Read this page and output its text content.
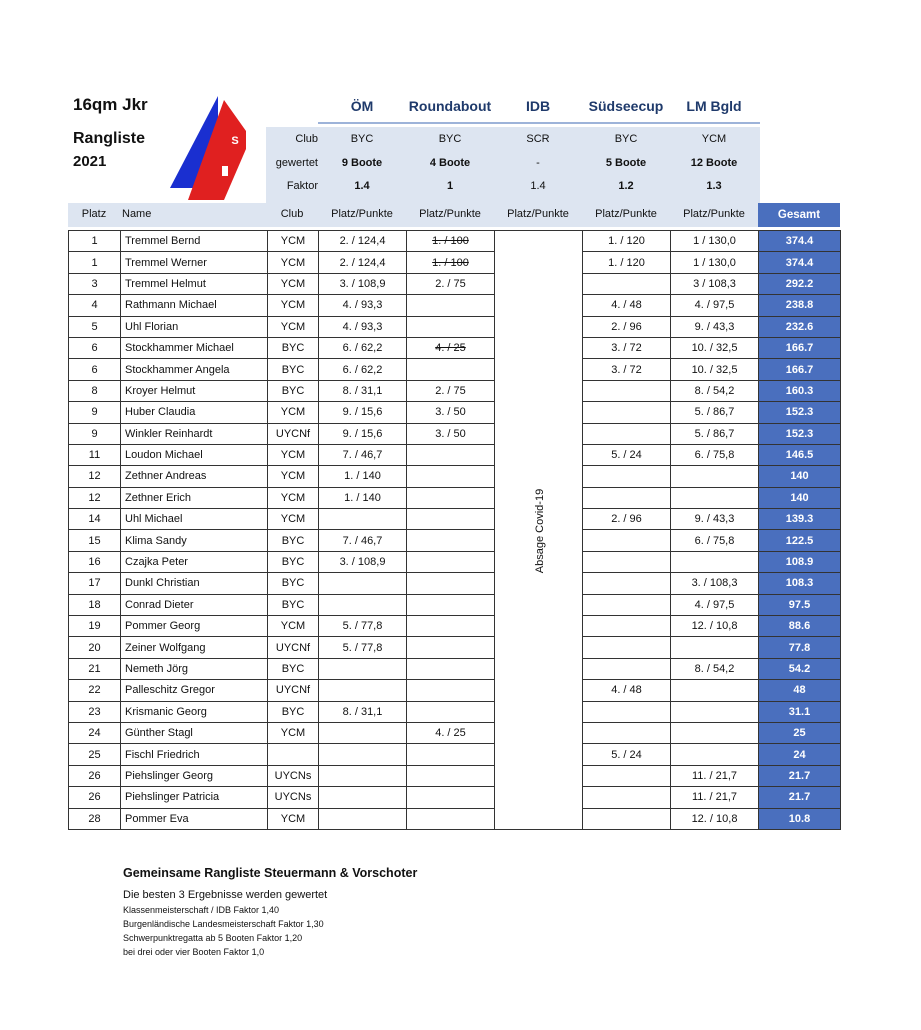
16qm Jkr
Rangliste
2021
S
ÖM	Roundabout	IDB	Südseecup	LM Bgld
Club	BYC	BYC	SCR	BYC	YCM
gewertet	9 Boote	4 Boote	-	5 Boote	12 Boote
Faktor	1.4	1	1.4	1.2	1.3
Platz	Name	Club	Platz/Punkte	Platz/Punkte	Platz/Punkte	Platz/Punkte	Platz/Punkte	Gesamt
1	Tremmel Bernd	YCM	2. / 124,4	1. / 100		1. / 120	1 / 130,0	374.4
1	Tremmel Werner	YCM	2. / 124,4	1. / 100		1. / 120	1 / 130,0	374.4
3	Tremmel Helmut	YCM	3. / 108,9	2. / 75			3 / 108,3	292.2
4	Rathmann Michael	YCM	4. / 93,3			4. / 48	4. / 97,5	238.8
5	Uhl Florian	YCM	4. / 93,3			2. / 96	9. / 43,3	232.6
6	Stockhammer Michael	BYC	6. / 62,2	4. / 25		3. / 72	10. / 32,5	166.7
6	Stockhammer Angela	BYC	6. / 62,2			3. / 72	10. / 32,5	166.7
8	Kroyer Helmut	BYC	8. / 31,1	2. / 75			8. / 54,2	160.3
9	Huber Claudia	YCM	9. / 15,6	3. / 50			5. / 86,7	152.3
9	Winkler Reinhardt	UYCNf	9. / 15,6	3. / 50			5. / 86,7	152.3
11	Loudon Michael	YCM	7. / 46,7			5. / 24	6. / 75,8	146.5
12	Zethner Andreas	YCM	1. / 140					140
12	Zethner Erich	YCM	1. / 140					140
14	Uhl Michael	YCM				2. / 96	9. / 43,3	139.3
15	Klima Sandy	BYC	7. / 46,7				6. / 75,8	122.5
16	Czajka Peter	BYC	3. / 108,9					108.9
17	Dunkl Christian	BYC					3. / 108,3	108.3
18	Conrad Dieter	BYC					4. / 97,5	97.5
19	Pommer Georg	YCM	5. / 77,8				12. / 10,8	88.6
20	Zeiner Wolfgang	UYCNf	5. / 77,8					77.8
21	Nemeth Jörg	BYC					8. / 54,2	54.2
22	Palleschitz Gregor	UYCNf				4. / 48		48
23	Krismanic Georg	BYC	8. / 31,1					31.1
24	Günther Stagl	YCM		4. / 25				25
25	Fischl Friedrich					5. / 24		24
26	Piehslinger Georg	UYCNs					11. / 21,7	21.7
26	Piehslinger Patricia	UYCNs					11. / 21,7	21.7
28	Pommer Eva	YCM					12. / 10,8	10.8
Absage Covid-19
Gemeinsame Rangliste Steuermann & Vorschoter
Die besten 3 Ergebnisse werden gewertet
Klassenmeisterschaft / IDB Faktor 1,40
Burgenländische Landesmeisterschaft Faktor 1,30
Schwerpunktregatta ab 5 Booten Faktor 1,20
bei drei oder vier Booten Faktor 1,0
